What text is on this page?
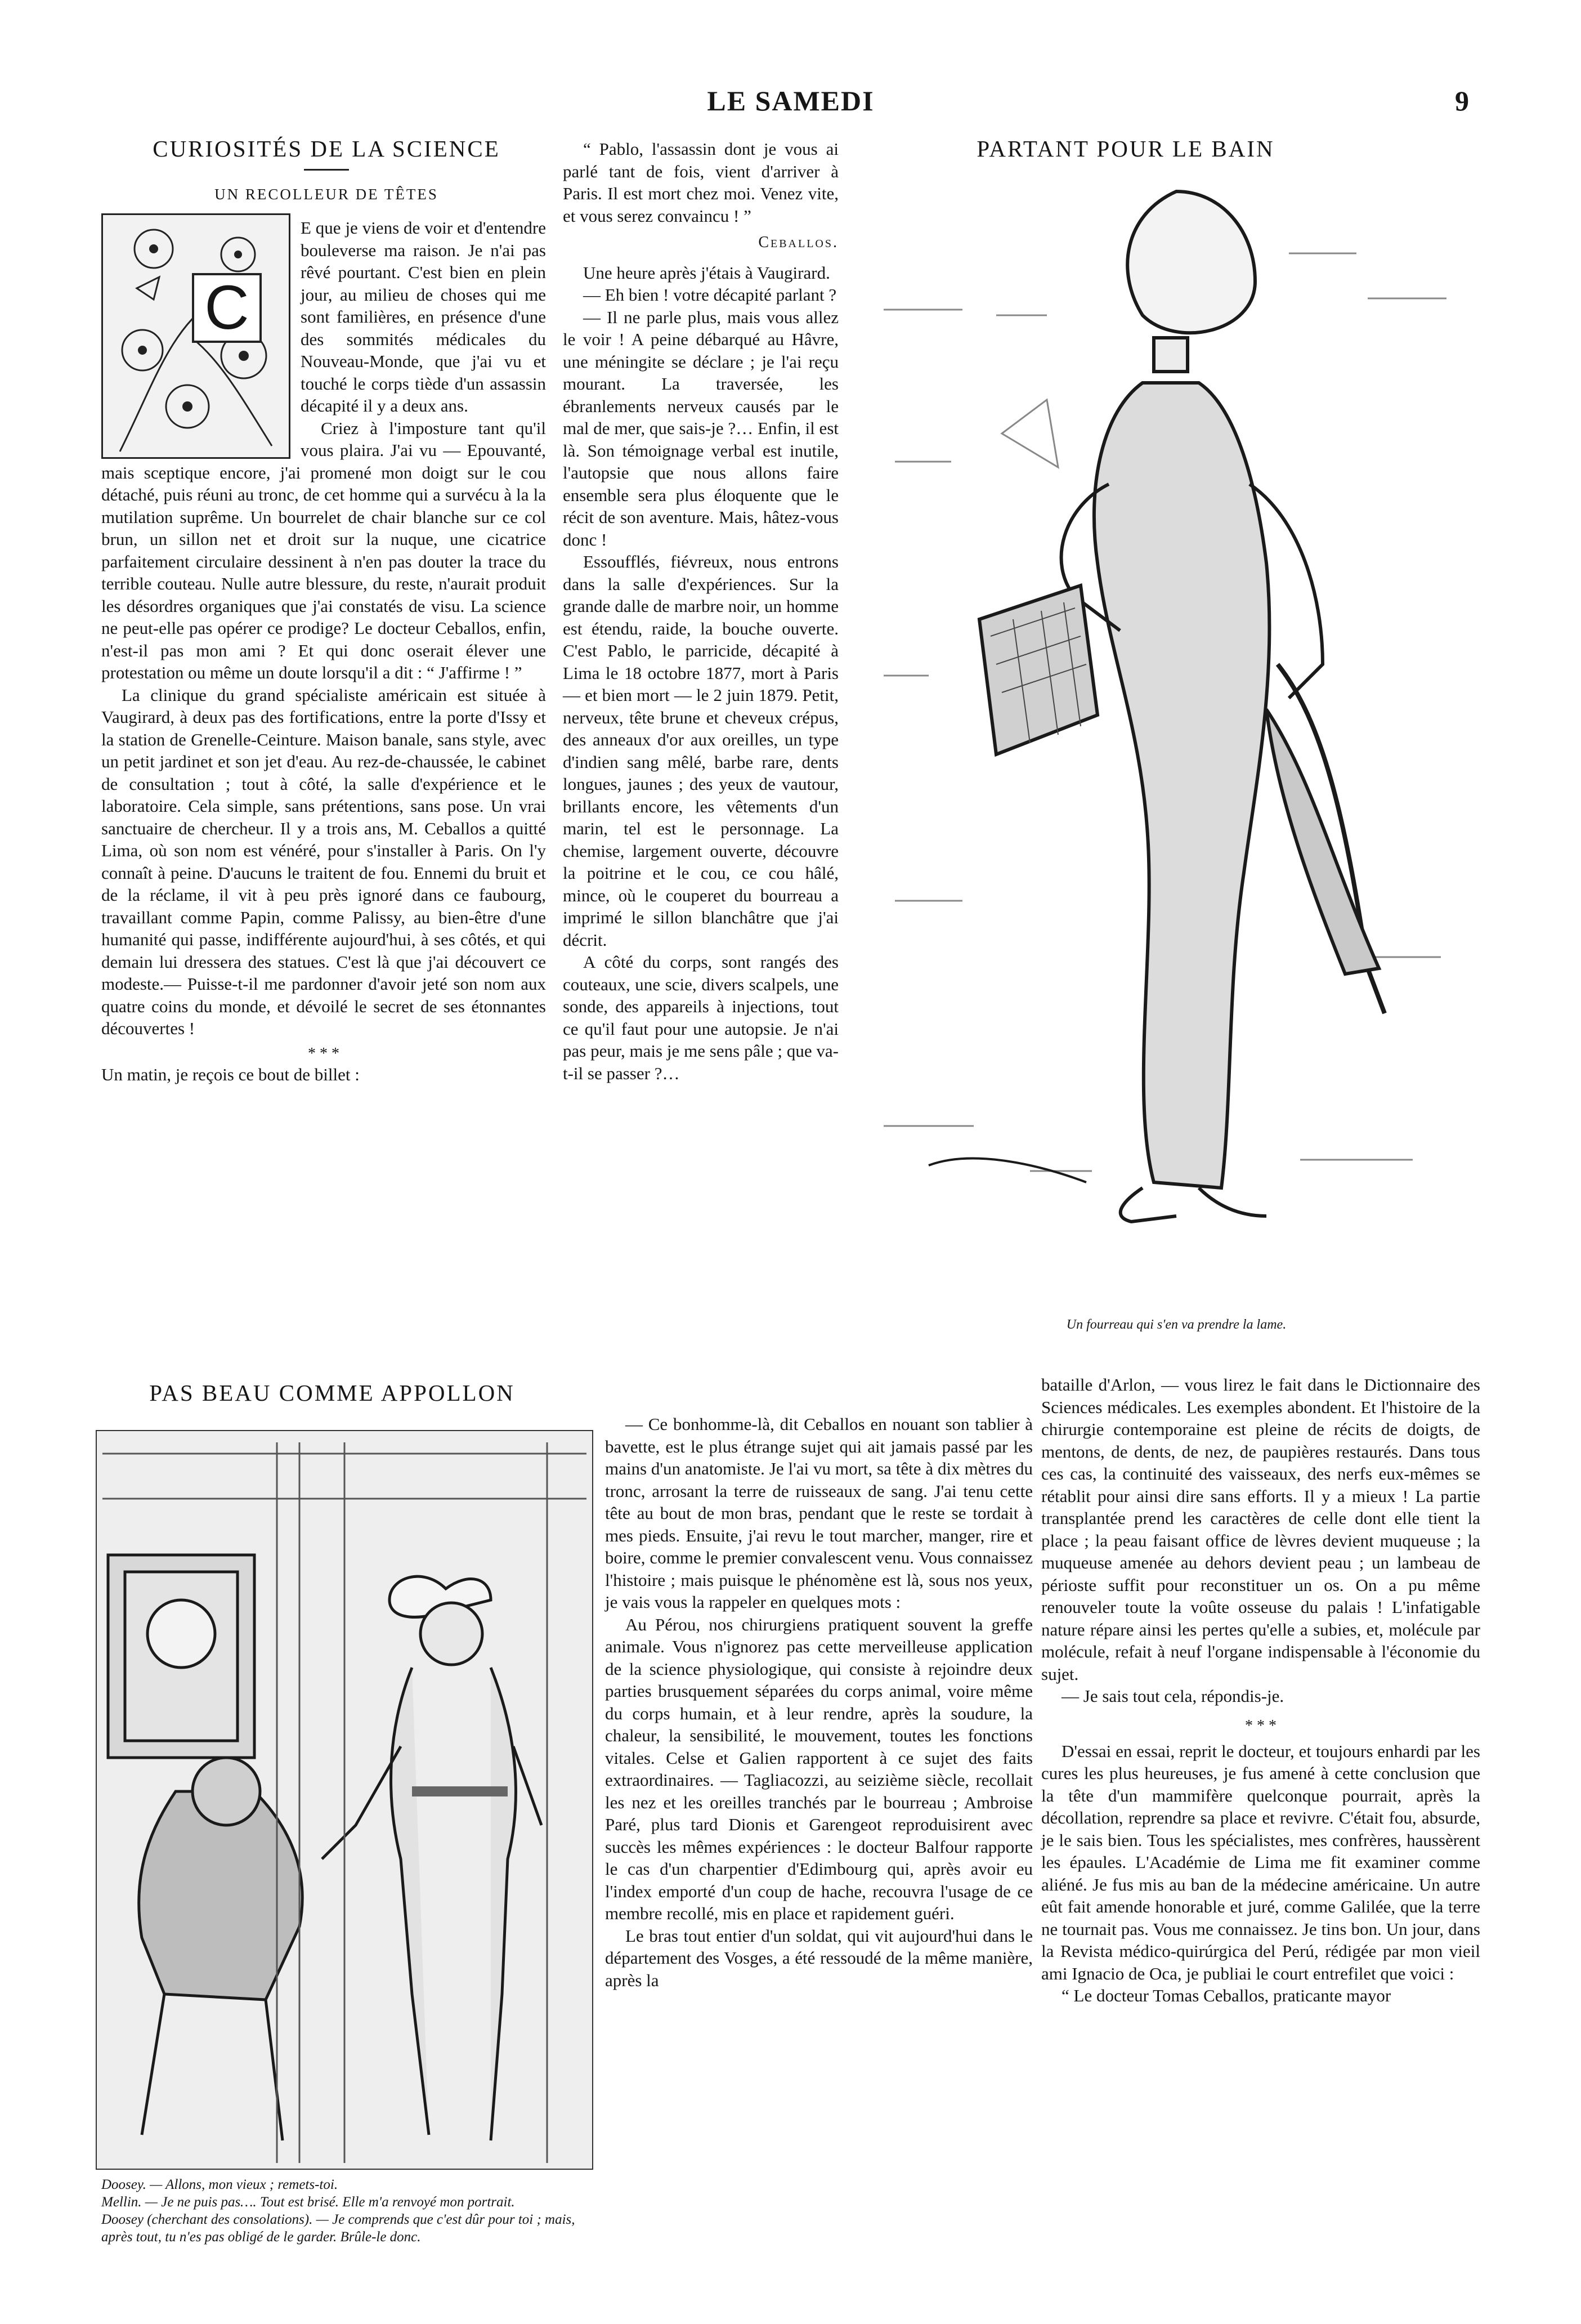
LE SAMEDI	9
CURIOSITÉS DE LA SCIENCE
UN RECOLLEUR DE TÊTES
C

E que je viens de voir et d'entendre bouleverse ma raison. Je n'ai pas rêvé pourtant. C'est bien en plein jour, au milieu de choses qui me sont familières, en présence d'une des sommités médicales du Nouveau-Monde, que j'ai vu et touché le corps tiède d'un assassin décapité il y a deux ans.

Criez à l'imposture tant qu'il vous plaira. J'ai vu — Epouvanté, mais sceptique encore, j'ai promené mon doigt sur le cou détaché, puis réuni au tronc, de cet homme qui a survécu à la la mutilation suprême. Un bourrelet de chair blanche sur ce col brun, un sillon net et droit sur la nuque, une cicatrice parfaitement circulaire dessinent à n'en pas douter la trace du terrible couteau. Nulle autre blessure, du reste, n'aurait produit les désordres organiques que j'ai constatés de visu. La science ne peut-elle pas opérer ce prodige? Le docteur Ceballos, enfin, n'est-il pas mon ami ? Et qui donc oserait élever une protestation ou même un doute lorsqu'il a dit : “ J'affirme ! ”

La clinique du grand spécialiste américain est située à Vaugirard, à deux pas des fortifications, entre la porte d'Issy et la station de Grenelle-Ceinture. Maison banale, sans style, avec un petit jardinet et son jet d'eau. Au rez-de-chaussée, le cabinet de consultation ; tout à côté, la salle d'expérience et le laboratoire. Cela simple, sans prétentions, sans pose. Un vrai sanctuaire de chercheur. Il y a trois ans, M. Ceballos a quitté Lima, où son nom est vénéré, pour s'installer à Paris. On l'y connaît à peine. D'aucuns le traitent de fou. Ennemi du bruit et de la réclame, il vit à peu près ignoré dans ce faubourg, travaillant comme Papin, comme Palissy, au bien-être d'une humanité qui passe, indifférente aujourd'hui, à ses côtés, et qui demain lui dressera des statues. C'est là que j'ai découvert ce modeste.— Puisse-t-il me pardonner d'avoir jeté son nom aux quatre coins du monde, et dévoilé le secret de ses étonnantes découvertes !

* * *

Un matin, je reçois ce bout de billet :

“ Pablo, l'assassin dont je vous ai parlé tant de fois, vient d'arriver à Paris. Il est mort chez moi. Venez vite, et vous serez convaincu ! ”

Ceballos.

Une heure après j'étais à Vaugirard.

— Eh bien ! votre décapité parlant ?

— Il ne parle plus, mais vous allez le voir ! A peine débarqué au Hâvre, une méningite se déclare ; je l'ai reçu mourant. La traversée, les ébranlements nerveux causés par le mal de mer, que sais-je ?… Enfin, il est là. Son témoignage verbal est inutile, l'autopsie que nous allons faire ensemble sera plus éloquente que le récit de son aventure. Mais, hâtez-vous donc !

Essoufflés, fiévreux, nous entrons dans la salle d'expériences. Sur la grande dalle de marbre noir, un homme est étendu, raide, la bouche ouverte. C'est Pablo, le parricide, décapité à Lima le 18 octobre 1877, mort à Paris — et bien mort — le 2 juin 1879. Petit, nerveux, tête brune et cheveux crépus, des anneaux d'or aux oreilles, un type d'indien sang mêlé, barbe rare, dents longues, jaunes ; des yeux de vautour, brillants encore, les vêtements d'un marin, tel est le personnage. La chemise, largement ouverte, découvre la poitrine et le cou, ce cou hâlé, mince, où le couperet du bourreau a imprimé le sillon blanchâtre que j'ai décrit.

A côté du corps, sont rangés des couteaux, une scie, divers scalpels, une sonde, des appareils à injections, tout ce qu'il faut pour une autopsie. Je n'ai pas peur, mais je me sens pâle ; que va-t-il se passer ?…

PARTANT POUR LE BAIN
Un fourreau qui s'en va prendre la lame.
PAS BEAU COMME APPOLLON
Doosey. — Allons, mon vieux ; remets-toi.
Mellin. — Je ne puis pas…. Tout est brisé. Elle m'a renvoyé mon portrait.
Doosey (cherchant des consolations). — Je comprends que c'est dûr pour toi ; mais, après tout, tu n'es pas obligé de le garder. Brûle-le donc.

— Ce bonhomme-là, dit Ceballos en nouant son tablier à bavette, est le plus étrange sujet qui ait jamais passé par les mains d'un anatomiste. Je l'ai vu mort, sa tête à dix mètres du tronc, arrosant la terre de ruisseaux de sang. J'ai tenu cette tête au bout de mon bras, pendant que le reste se tordait à mes pieds. Ensuite, j'ai revu le tout marcher, manger, rire et boire, comme le premier convalescent venu. Vous connaissez l'histoire ; mais puisque le phénomène est là, sous nos yeux, je vais vous la rappeler en quelques mots :

Au Pérou, nos chirurgiens pratiquent souvent la greffe animale. Vous n'ignorez pas cette merveilleuse application de la science physiologique, qui consiste à rejoindre deux parties brusquement séparées du corps animal, voire même du corps humain, et à leur rendre, après la soudure, la chaleur, la sensibilité, le mouvement, toutes les fonctions vitales. Celse et Galien rapportent à ce sujet des faits extraordinaires. — Tagliacozzi, au seizième siècle, recollait les nez et les oreilles tranchés par le bourreau ; Ambroise Paré, plus tard Dionis et Garengeot reproduisirent avec succès les mêmes expériences : le docteur Balfour rapporte le cas d'un charpentier d'Edimbourg qui, après avoir eu l'index emporté d'un coup de hache, recouvra l'usage de ce membre recollé, mis en place et rapidement guéri.

Le bras tout entier d'un soldat, qui vit aujourd'hui dans le département des Vosges, a été ressoudé de la même manière, après la

bataille d'Arlon, — vous lirez le fait dans le Dictionnaire des Sciences médicales. Les exemples abondent. Et l'histoire de la chirurgie contemporaine est pleine de récits de doigts, de mentons, de dents, de nez, de paupières restaurés. Dans tous ces cas, la continuité des vaisseaux, des nerfs eux-mêmes se rétablit pour ainsi dire sans efforts. Il y a mieux ! La partie transplantée prend les caractères de celle dont elle tient la place ; la peau faisant office de lèvres devient muqueuse ; la muqueuse amenée au dehors devient peau ; un lambeau de périoste suffit pour reconstituer un os. On a pu même renouveler toute la voûte osseuse du palais ! L'infatigable nature répare ainsi les pertes qu'elle a subies, et, molécule par molécule, refait à neuf l'organe indispensable à l'économie du sujet.

— Je sais tout cela, répondis-je.

* * *

D'essai en essai, reprit le docteur, et toujours enhardi par les cures les plus heureuses, je fus amené à cette conclusion que la tête d'un mammifère quelconque pourrait, après la décollation, reprendre sa place et revivre. C'était fou, absurde, je le sais bien. Tous les spécialistes, mes confrères, haussèrent les épaules. L'Académie de Lima me fit examiner comme aliéné. Je fus mis au ban de la médecine américaine. Un autre eût fait amende honorable et juré, comme Galilée, que la terre ne tournait pas. Vous me connaissez. Je tins bon. Un jour, dans la Revista médico-quirúrgica del Perú, rédigée par mon vieil ami Ignacio de Oca, je publiai le court entrefilet que voici :

“ Le docteur Tomas Ceballos, praticante mayor
